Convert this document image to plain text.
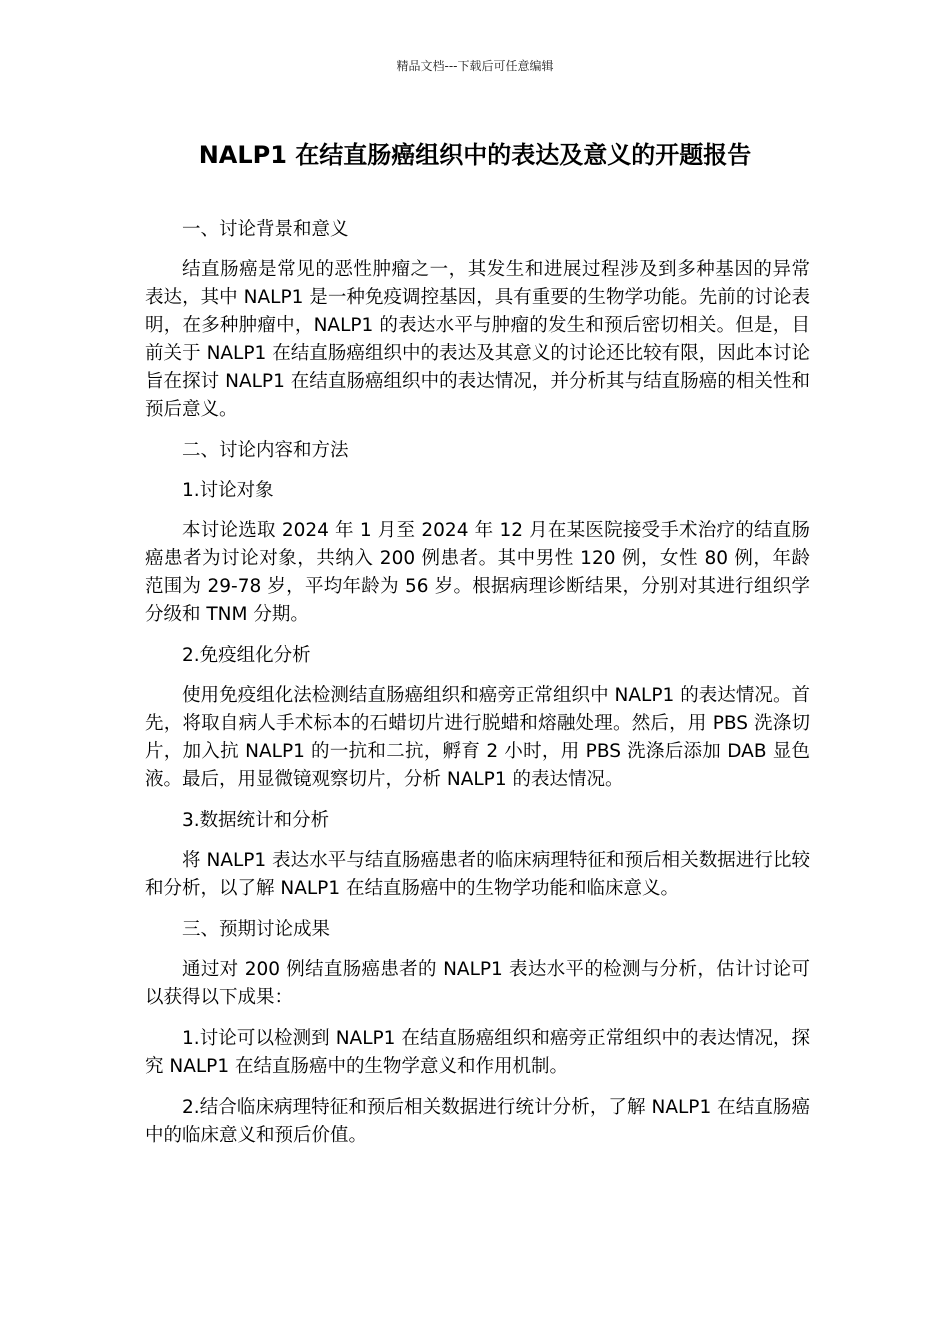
精品文档---下载后可任意编辑
NALP1 在结直肠癌组织中的表达及意义的开题报告

一、讨论背景和意义

结直肠癌是常见的恶性肿瘤之一，其发生和进展过程涉及到多种基因的异常表达，其中 NALP1 是一种免疫调控基因，具有重要的生物学功能。先前的讨论表明，在多种肿瘤中，NALP1 的表达水平与肿瘤的发生和预后密切相关。但是，目前关于 NALP1 在结直肠癌组织中的表达及其意义的讨论还比较有限，因此本讨论旨在探讨 NALP1 在结直肠癌组织中的表达情况，并分析其与结直肠癌的相关性和预后意义。

二、讨论内容和方法

1.讨论对象

本讨论选取 2024 年 1 月至 2024 年 12 月在某医院接受手术治疗的结直肠癌患者为讨论对象，共纳入 200 例患者。其中男性 120 例，女性 80 例，年龄范围为 29-78 岁，平均年龄为 56 岁。根据病理诊断结果，分别对其进行组织学分级和 TNM 分期。

2.免疫组化分析

使用免疫组化法检测结直肠癌组织和癌旁正常组织中 NALP1 的表达情况。首先，将取自病人手术标本的石蜡切片进行脱蜡和熔融处理。然后，用 PBS 洗涤切片，加入抗 NALP1 的一抗和二抗，孵育 2 小时，用 PBS 洗涤后添加 DAB 显色液。最后，用显微镜观察切片，分析 NALP1 的表达情况。

3.数据统计和分析

将 NALP1 表达水平与结直肠癌患者的临床病理特征和预后相关数据进行比较和分析，以了解 NALP1 在结直肠癌中的生物学功能和临床意义。

三、预期讨论成果

通过对 200 例结直肠癌患者的 NALP1 表达水平的检测与分析，估计讨论可以获得以下成果：

1.讨论可以检测到 NALP1 在结直肠癌组织和癌旁正常组织中的表达情况，探究 NALP1 在结直肠癌中的生物学意义和作用机制。

2.结合临床病理特征和预后相关数据进行统计分析，了解 NALP1 在结直肠癌中的临床意义和预后价值。
